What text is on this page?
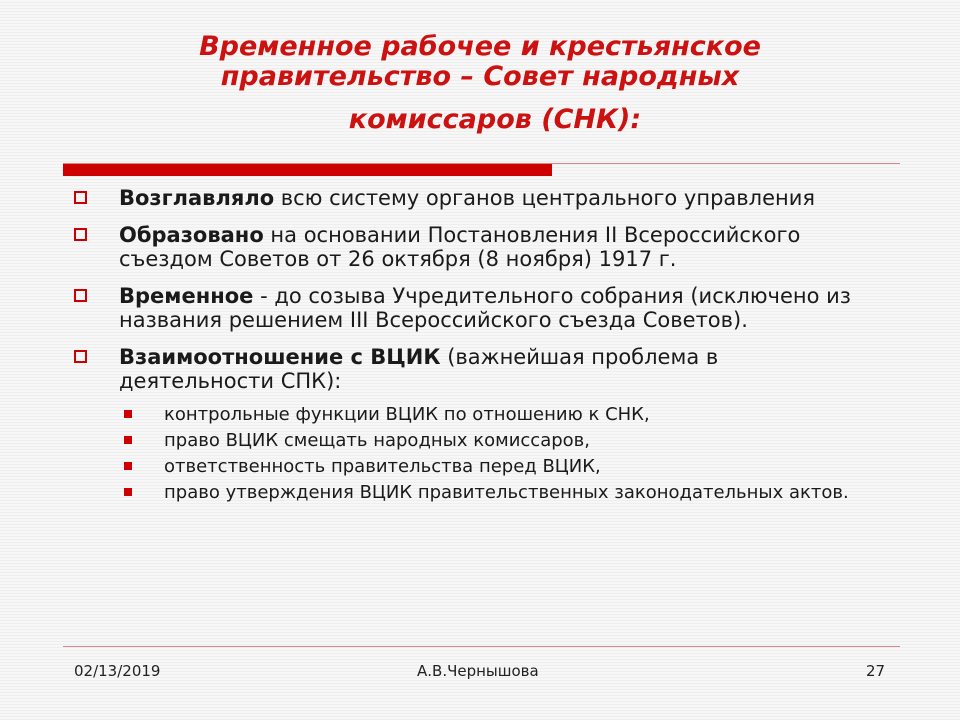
Временное рабочее и крестьянское
правительство – Совет народных
комиссаров (СНК):
Возглавляло всю систему органов центрального управления
Образовано на основании Постановления II Всероссийского съездом Советов от 26 октября (8 ноября) 1917 г.
Временное - до созыва Учредительного собрания (исключено из названия решением III Всероссийского съезда Советов).
Взаимоотношение с ВЦИК (важнейшая проблема в деятельности СПК):
контрольные функции ВЦИК по отношению к СНК,
право ВЦИК смещать народных комиссаров,
ответственность правительства перед ВЦИК,
право утверждения ВЦИК правительственных законодательных актов.
02/13/2019	А.В.Чернышова	27
